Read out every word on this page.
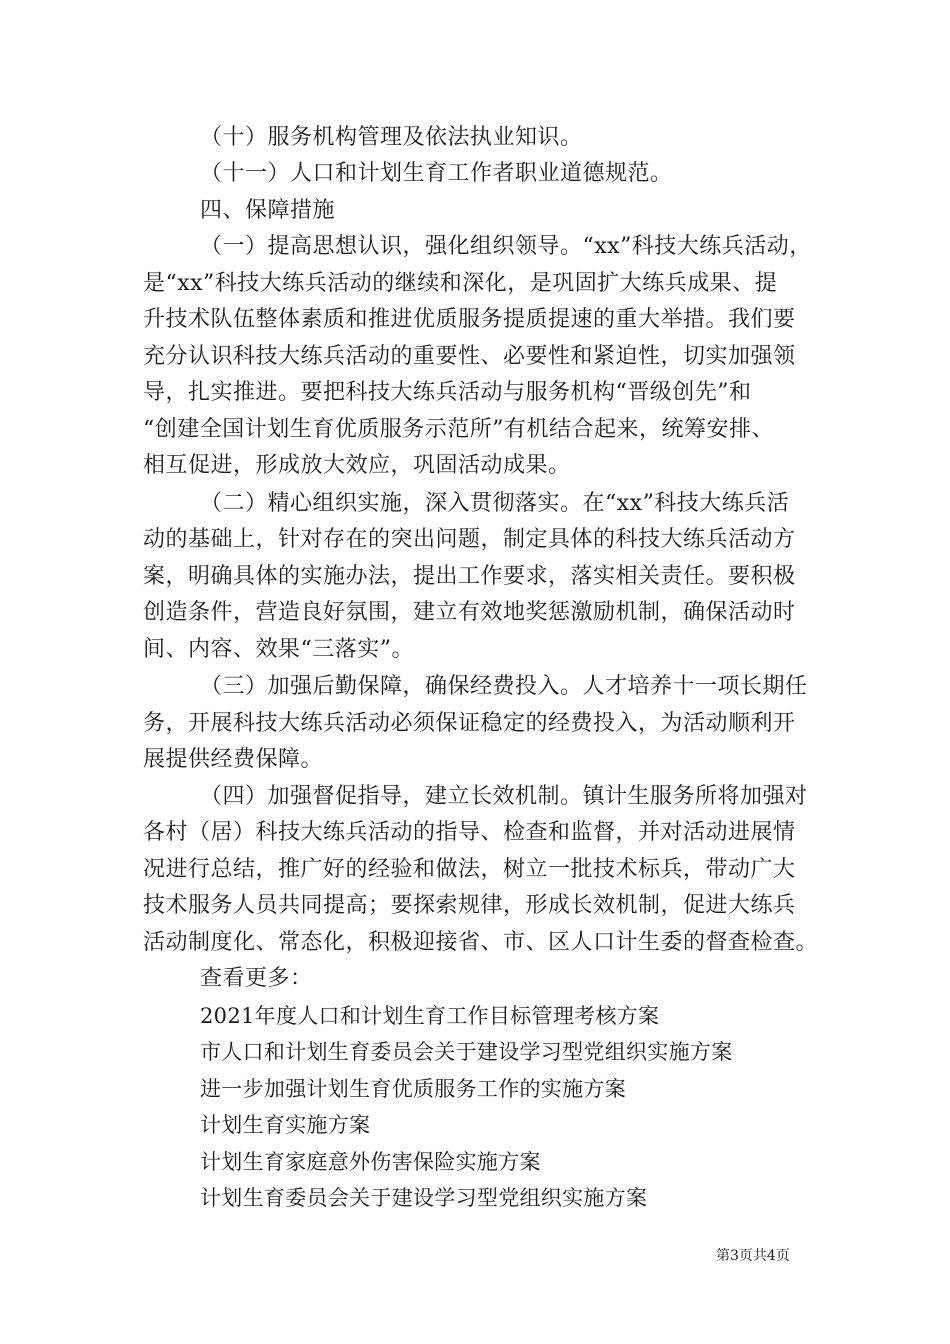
（十）服务机构管理及依法执业知识。
（十一）人口和计划生育工作者职业道德规范。
四、保障措施
（一）提高思想认识，强化组织领导。“xx”科技大练兵活动，
是“xx”科技大练兵活动的继续和深化，是巩固扩大练兵成果、提
升技术队伍整体素质和推进优质服务提质提速的重大举措。我们要
充分认识科技大练兵活动的重要性、必要性和紧迫性，切实加强领
导，扎实推进。要把科技大练兵活动与服务机构“晋级创先”和
“创建全国计划生育优质服务示范所”有机结合起来，统筹安排、
相互促进，形成放大效应，巩固活动成果。
（二）精心组织实施，深入贯彻落实。在“xx”科技大练兵活
动的基础上，针对存在的突出问题，制定具体的科技大练兵活动方
案，明确具体的实施办法，提出工作要求，落实相关责任。要积极
创造条件，营造良好氛围，建立有效地奖惩激励机制，确保活动时
间、内容、效果“三落实”。
（三）加强后勤保障，确保经费投入。人才培养十一项长期任
务，开展科技大练兵活动必须保证稳定的经费投入，为活动顺利开
展提供经费保障。
（四）加强督促指导，建立长效机制。镇计生服务所将加强对
各村（居）科技大练兵活动的指导、检查和监督，并对活动进展情
况进行总结，推广好的经验和做法，树立一批技术标兵，带动广大
技术服务人员共同提高；要探索规律，形成长效机制，促进大练兵
活动制度化、常态化，积极迎接省、市、区人口计生委的督查检查。
查看更多：
2021年度人口和计划生育工作目标管理考核方案
市人口和计划生育委员会关于建设学习型党组织实施方案
进一步加强计划生育优质服务工作的实施方案
计划生育实施方案
计划生育家庭意外伤害保险实施方案
计划生育委员会关于建设学习型党组织实施方案
第3页共4页
